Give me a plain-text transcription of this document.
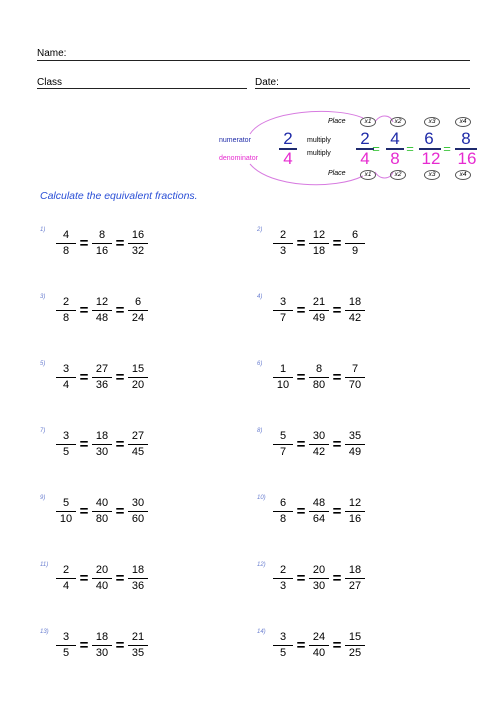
Name:
Class	Date:
numerator
denominator
2
4
multiply
multiply
Place
Place
x1	x2	x3	x4
x1	x2	x3	x4
2
4
=
4
8
=
6
12
=
8
16
Calculate the equivalent fractions.
1)	4
8 = 8
16 = 16
32
2)	2
3 = 12
18 = 6
9
3)	2
8 = 12
48 = 6
24
4)	3
7 = 21
49 = 18
42
5)	3
4 = 27
36 = 15
20
6)	1
10 = 8
80 = 7
70
7)	3
5 = 18
30 = 27
45
8)	5
7 = 30
42 = 35
49
9)	5
10 = 40
80 = 30
60
10)	6
8 = 48
64 = 12
16
11)	2
4 = 20
40 = 18
36
12)	2
3 = 20
30 = 18
27
13)	3
5 = 18
30 = 21
35
14)	3
5 = 24
40 = 15
25
